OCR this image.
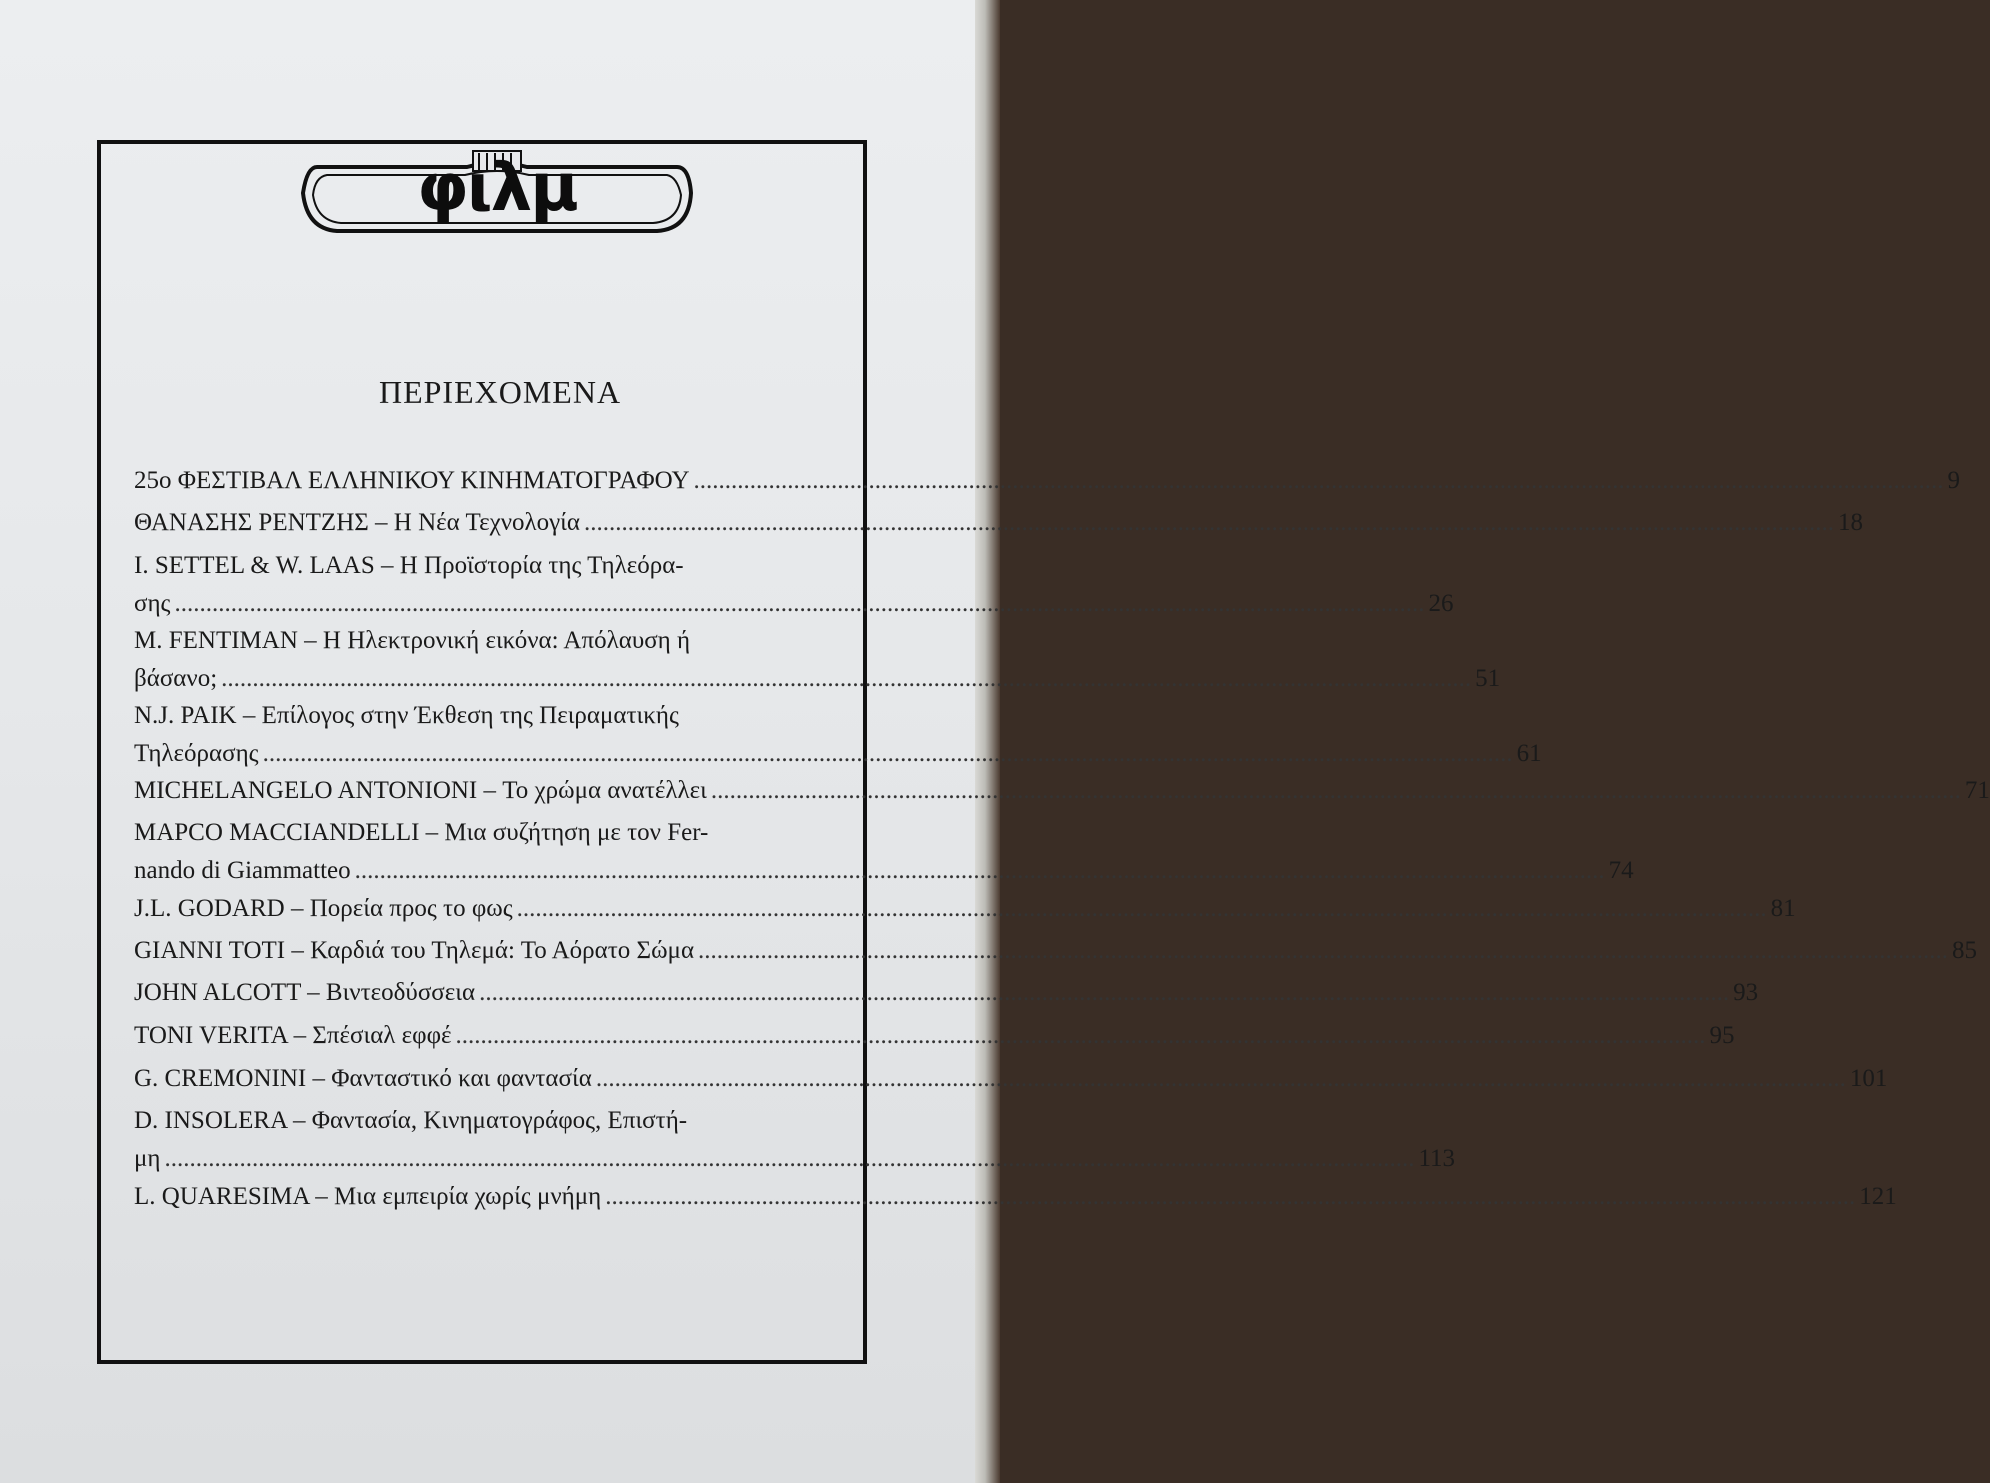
φιλμ
ΠΕΡΙΕΧΟΜΕΝΑ
25ο ΦΕΣΤΙΒΑΛ ΕΛΛΗΝΙΚΟΥ ΚΙΝΗΜΑΤΟΓΡΑΦΟΥ ........................................................................................................................................................................................................ 9
ΘΑΝΑΣΗΣ ΡΕΝΤΖΗΣ – Η Νέα Τεχνολογία ........................................................................................................................................................................................................ 18
I. SETTEL & W. LAAS – Η Προϊστορία της Τηλεόρα-
σης ........................................................................................................................................................................................................ 26
M. FENTIMAN – Η Ηλεκτρονική εικόνα: Απόλαυση ή
βάσανο; ........................................................................................................................................................................................................ 51
N.J. PAIK – Επίλογος στην Έκθεση της Πειραματικής
Τηλεόρασης ........................................................................................................................................................................................................ 61
MICHELANGELO ANTONIONI – Το χρώμα ανατέλλει ........................................................................................................................................................................................................ 71
MAPCO MACCIANDELLI – Μια συζήτηση με τον Fer-
nando di Giammatteo ........................................................................................................................................................................................................ 74
J.L. GODARD – Πορεία προς το φως ........................................................................................................................................................................................................ 81
GIANNI TOTI – Καρδιά του Τηλεμά: Το Αόρατο Σώμα ........................................................................................................................................................................................................ 85
JOHN ALCOTT – Βιντεοδύσσεια ........................................................................................................................................................................................................ 93
TONI VERITA – Σπέσιαλ εφφέ ........................................................................................................................................................................................................ 95
G. CREMONINI – Φανταστικό και φαντασία ........................................................................................................................................................................................................ 101
D. INSOLERA – Φαντασία, Κινηματογράφος, Επιστή-
μη ........................................................................................................................................................................................................ 113
L. QUARESIMA – Μια εμπειρία χωρίς μνήμη ........................................................................................................................................................................................................ 121
